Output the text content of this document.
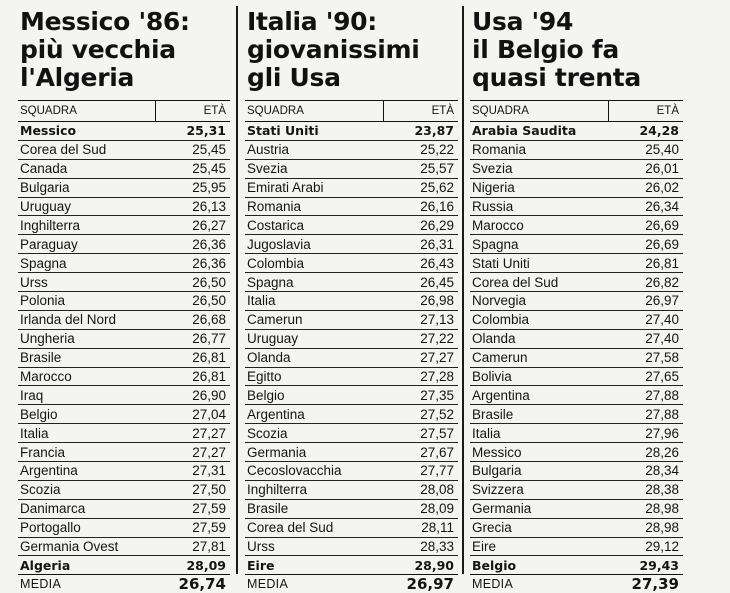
Messico '86:
più vecchia
l'Algeria
SQUADRA	ETÀ
Messico	25,31
Corea del Sud	25,45
Canada	25,45
Bulgaria	25,95
Uruguay	26,13
Inghilterra	26,27
Paraguay	26,36
Spagna	26,36
Urss	26,50
Polonia	26,50
Irlanda del Nord	26,68
Ungheria	26,77
Brasile	26,81
Marocco	26,81
Iraq	26,90
Belgio	27,04
Italia	27,27
Francia	27,27
Argentina	27,31
Scozia	27,50
Danimarca	27,59
Portogallo	27,59
Germania Ovest	27,81
Algeria	28,09
MEDIA	26,74
Italia '90:
giovanissimi
gli Usa
SQUADRA	ETÀ
Stati Uniti	23,87
Austria	25,22
Svezia	25,57
Emirati Arabi	25,62
Romania	26,16
Costarica	26,29
Jugoslavia	26,31
Colombia	26,43
Spagna	26,45
Italia	26,98
Camerun	27,13
Uruguay	27,22
Olanda	27,27
Egitto	27,28
Belgio	27,35
Argentina	27,52
Scozia	27,57
Germania	27,67
Cecoslovacchia	27,77
Inghilterra	28,08
Brasile	28,09
Corea del Sud	28,11
Urss	28,33
Eire	28,90
MEDIA	26,97
Usa '94
il Belgio fa
quasi trenta
SQUADRA	ETÀ
Arabia Saudita	24,28
Romania	25,40
Svezia	26,01
Nigeria	26,02
Russia	26,34
Marocco	26,69
Spagna	26,69
Stati Uniti	26,81
Corea del Sud	26,82
Norvegia	26,97
Colombia	27,40
Olanda	27,40
Camerun	27,58
Bolivia	27,65
Argentina	27,88
Brasile	27,88
Italia	27,96
Messico	28,26
Bulgaria	28,34
Svizzera	28,38
Germania	28,98
Grecia	28,98
Eire	29,12
Belgio	29,43
MEDIA	27,39
